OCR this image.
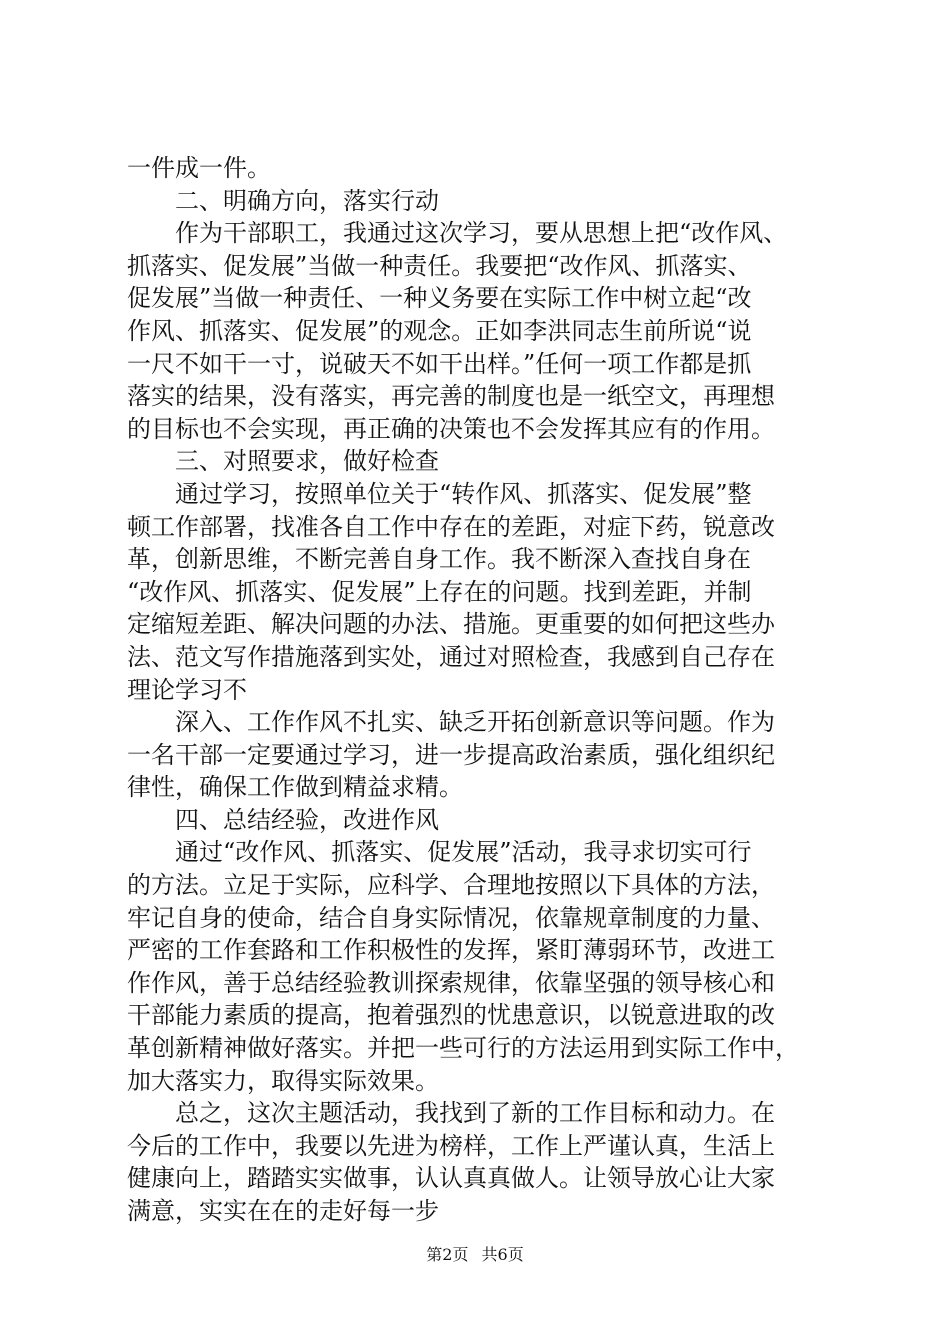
一件成一件。
二、明确方向，落实行动
作为干部职工，我通过这次学习，要从思想上把“改作风、
抓落实、促发展”当做一种责任。我要把“改作风、抓落实、
促发展”当做一种责任、一种义务要在实际工作中树立起“改
作风、抓落实、促发展”的观念。正如李洪同志生前所说“说
一尺不如干一寸，说破天不如干出样。”任何一项工作都是抓
落实的结果，没有落实，再完善的制度也是一纸空文，再理想
的目标也不会实现，再正确的决策也不会发挥其应有的作用。
三、对照要求，做好检查
通过学习，按照单位关于“转作风、抓落实、促发展”整
顿工作部署，找准各自工作中存在的差距，对症下药，锐意改
革，创新思维，不断完善自身工作。我不断深入查找自身在
“改作风、抓落实、促发展”上存在的问题。找到差距，并制
定缩短差距、解决问题的办法、措施。更重要的如何把这些办
法、范文写作措施落到实处，通过对照检查，我感到自己存在
理论学习不
深入、工作作风不扎实、缺乏开拓创新意识等问题。作为
一名干部一定要通过学习，进一步提高政治素质，强化组织纪
律性，确保工作做到精益求精。
四、总结经验，改进作风
通过“改作风、抓落实、促发展”活动，我寻求切实可行
的方法。立足于实际，应科学、合理地按照以下具体的方法，
牢记自身的使命，结合自身实际情况，依靠规章制度的力量、
严密的工作套路和工作积极性的发挥，紧盯薄弱环节，改进工
作作风，善于总结经验教训探索规律，依靠坚强的领导核心和
干部能力素质的提高，抱着强烈的忧患意识，以锐意进取的改
革创新精神做好落实。并把一些可行的方法运用到实际工作中，
加大落实力，取得实际效果。
总之，这次主题活动，我找到了新的工作目标和动力。在
今后的工作中，我要以先进为榜样，工作上严谨认真，生活上
健康向上，踏踏实实做事，认认真真做人。让领导放心让大家
满意，实实在在的走好每一步
第2页 共6页
